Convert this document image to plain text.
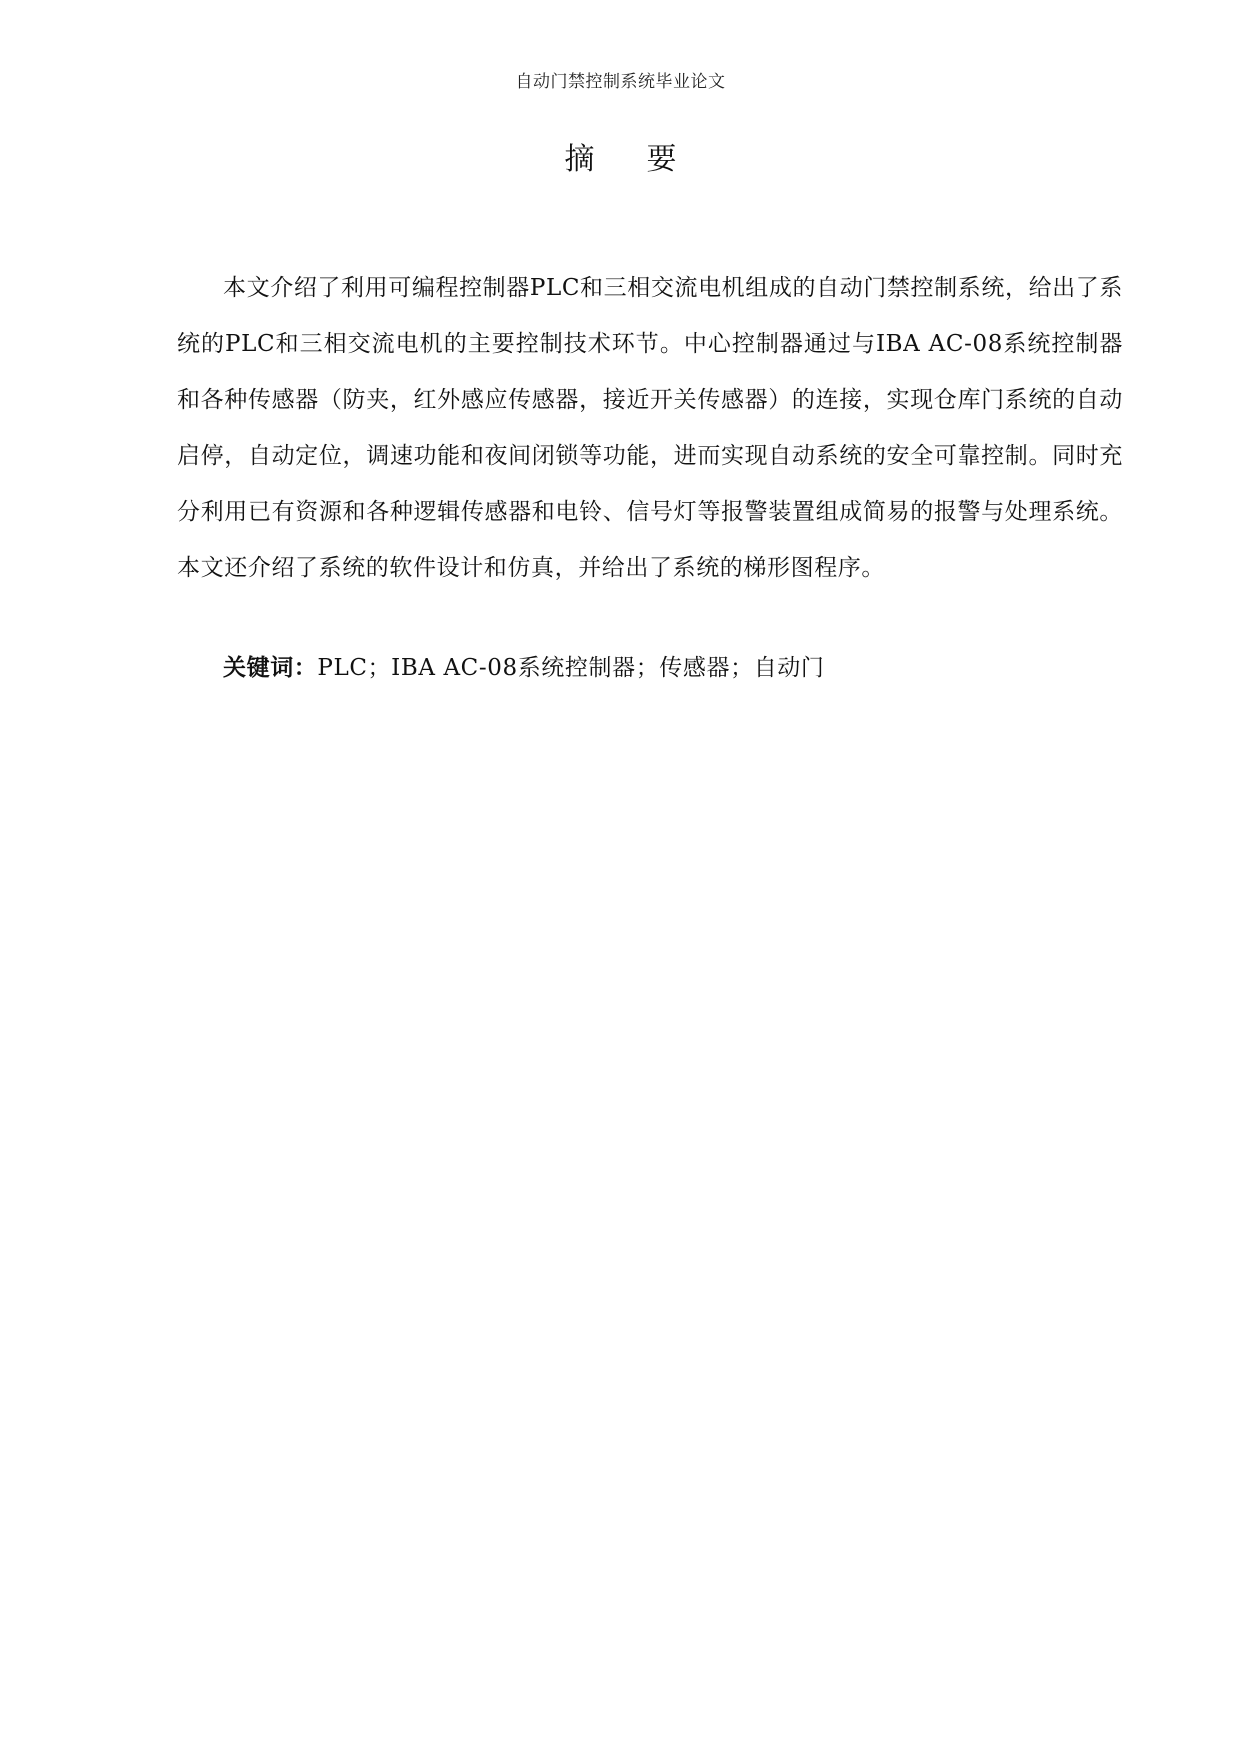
自动门禁控制系统毕业论文
摘要

本文介绍了利用可编程控制器PLC和三相交流电机组成的自动门禁控制系统，给出了系统的PLC和三相交流电机的主要控制技术环节。中心控制器通过与IBA AC-08系统控制器和各种传感器（防夹，红外感应传感器，接近开关传感器）的连接，实现仓库门系统的自动启停，自动定位，调速功能和夜间闭锁等功能，进而实现自动系统的安全可靠控制。同时充分利用已有资源和各种逻辑传感器和电铃、信号灯等报警装置组成简易的报警与处理系统。本文还介绍了系统的软件设计和仿真，并给出了系统的梯形图程序。

关键词：PLC；IBA AC-08系统控制器；传感器；自动门
